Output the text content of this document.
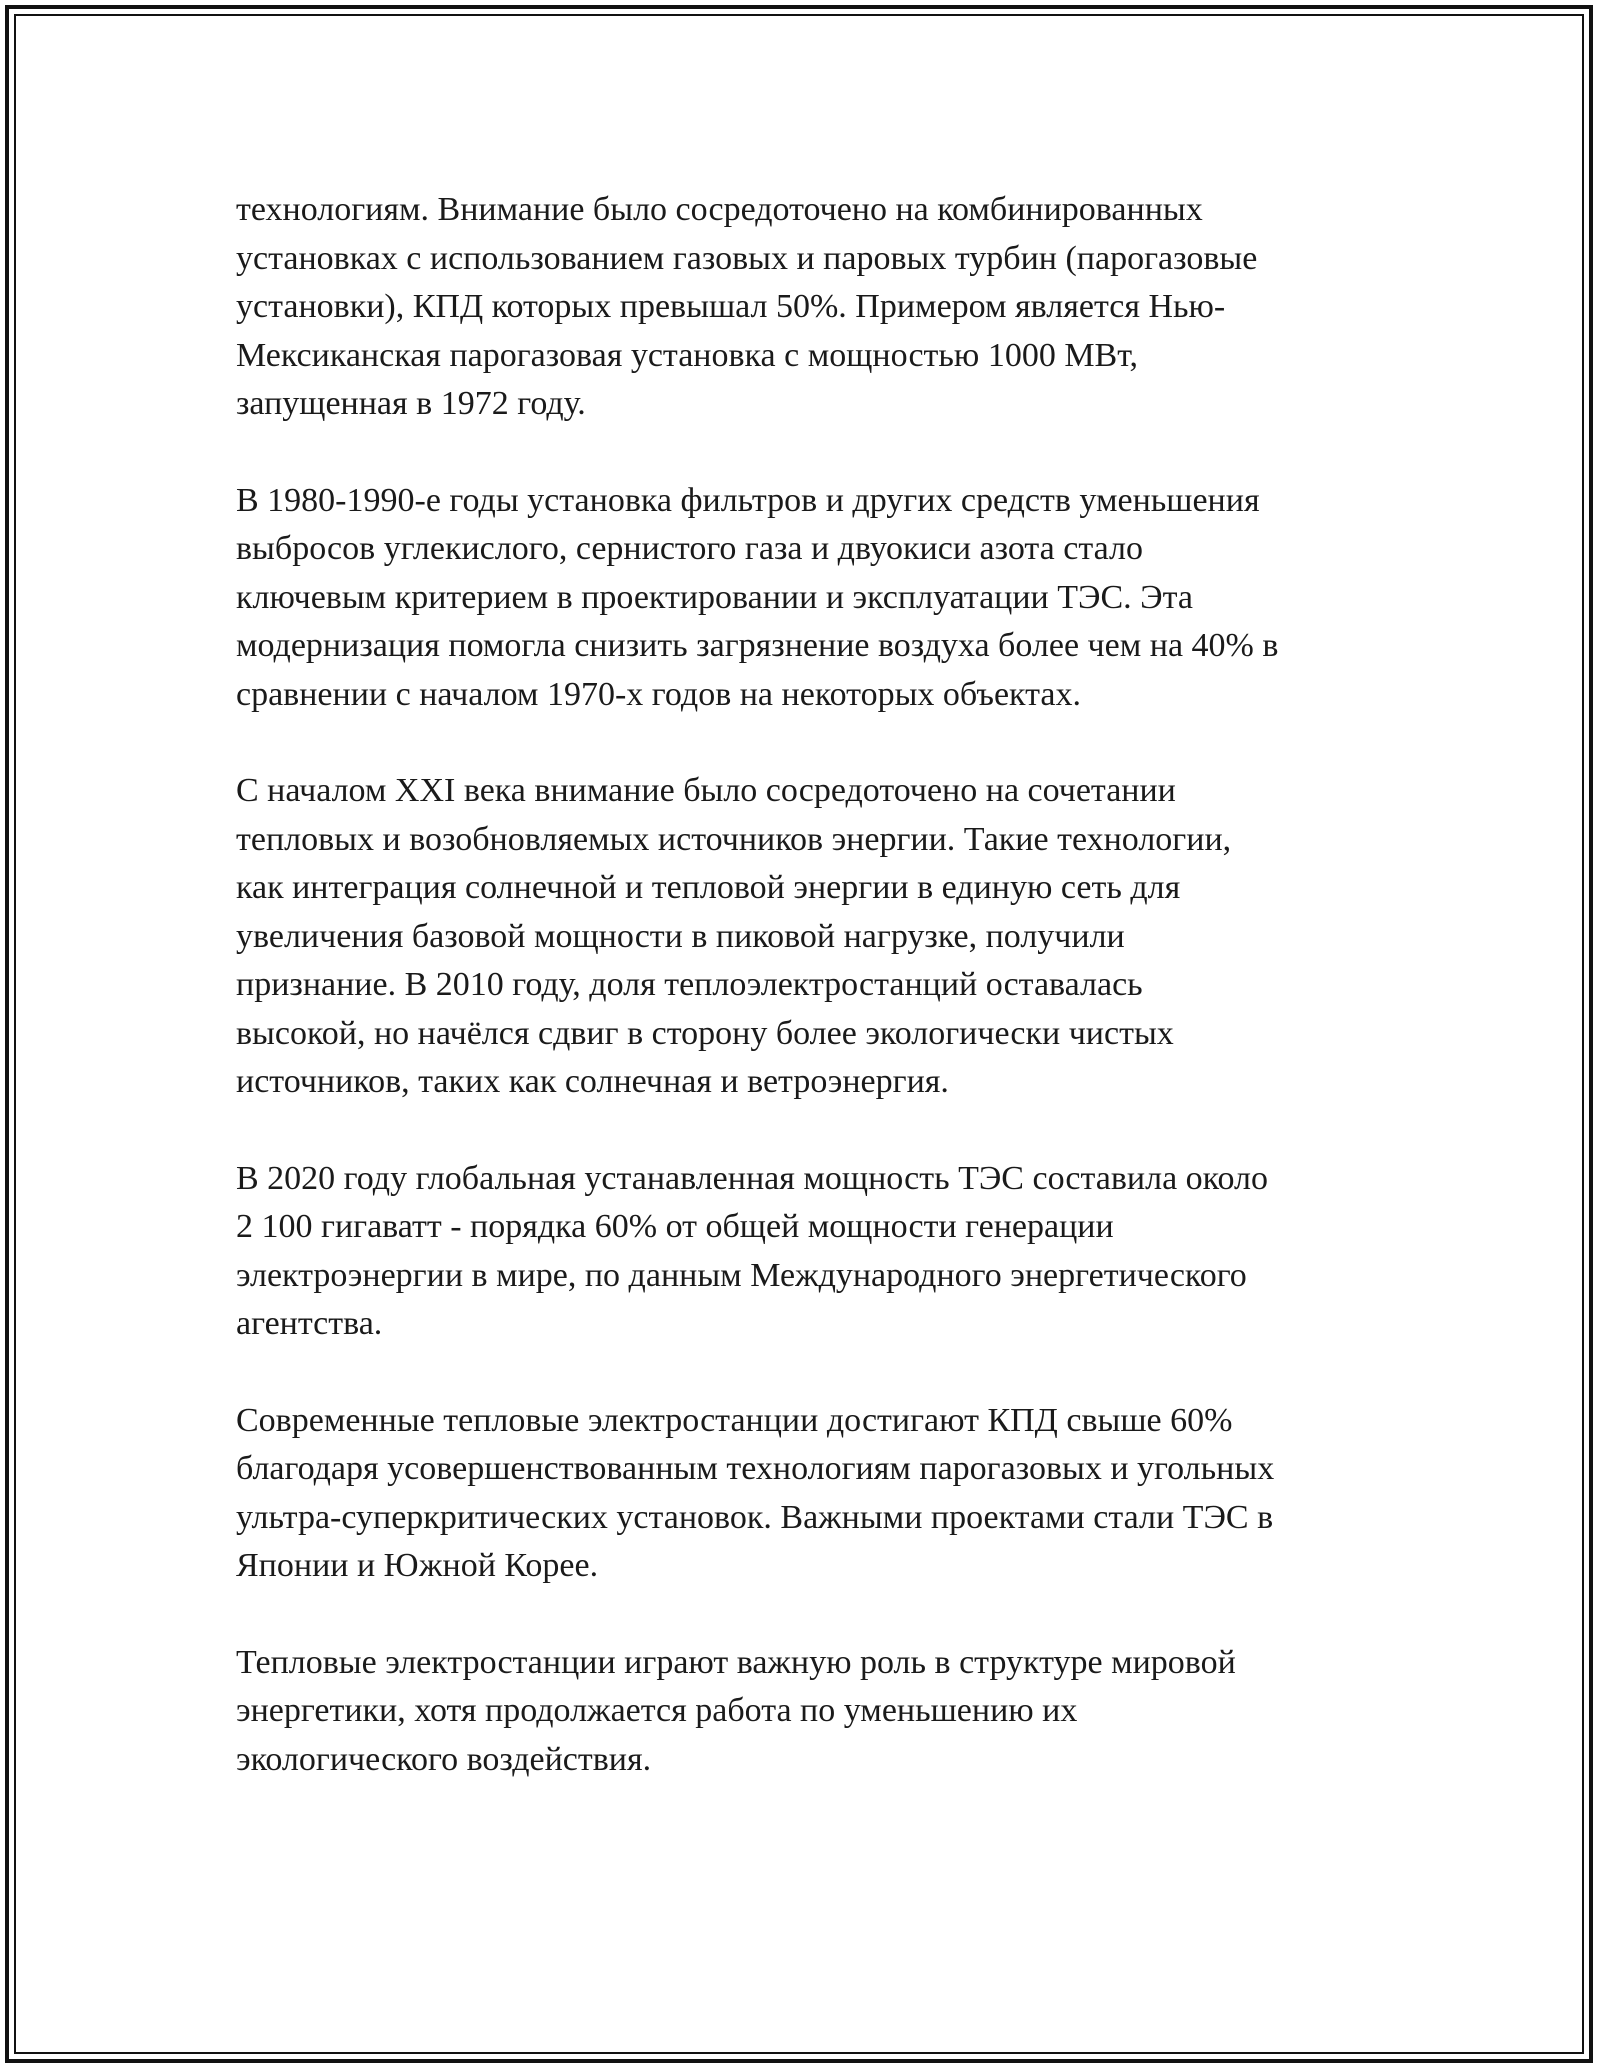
технологиям. Внимание было сосредоточено на комбинированных
установках с использованием газовых и паровых турбин (парогазовые
установки), КПД которых превышал 50%. Примером является Нью-
Мексиканская парогазовая установка с мощностью 1000 МВт,
запущенная в 1972 году.

В 1980-1990-е годы установка фильтров и других средств уменьшения
выбросов углекислого, сернистого газа и двуокиси азота стало
ключевым критерием в проектировании и эксплуатации ТЭС. Эта
модернизация помогла снизить загрязнение воздуха более чем на 40% в
сравнении с началом 1970-х годов на некоторых объектах.

С началом XXI века внимание было сосредоточено на сочетании
тепловых и возобновляемых источников энергии. Такие технологии,
как интеграция солнечной и тепловой энергии в единую сеть для
увеличения базовой мощности в пиковой нагрузке, получили
признание. В 2010 году, доля теплоэлектростанций оставалась
высокой, но начёлся сдвиг в сторону более экологически чистых
источников, таких как солнечная и ветроэнергия.

В 2020 году глобальная устанавленная мощность ТЭС составила около
2 100 гигаватт - порядка 60% от общей мощности генерации
электроэнергии в мире, по данным Международного энергетического
агентства.

Современные тепловые электростанции достигают КПД свыше 60%
благодаря усовершенствованным технологиям парогазовых и угольных
ультра-суперкритических установок. Важными проектами стали ТЭС в
Японии и Южной Корее.

Тепловые электростанции играют важную роль в структуре мировой
энергетики, хотя продолжается работа по уменьшению их
экологического воздействия.
